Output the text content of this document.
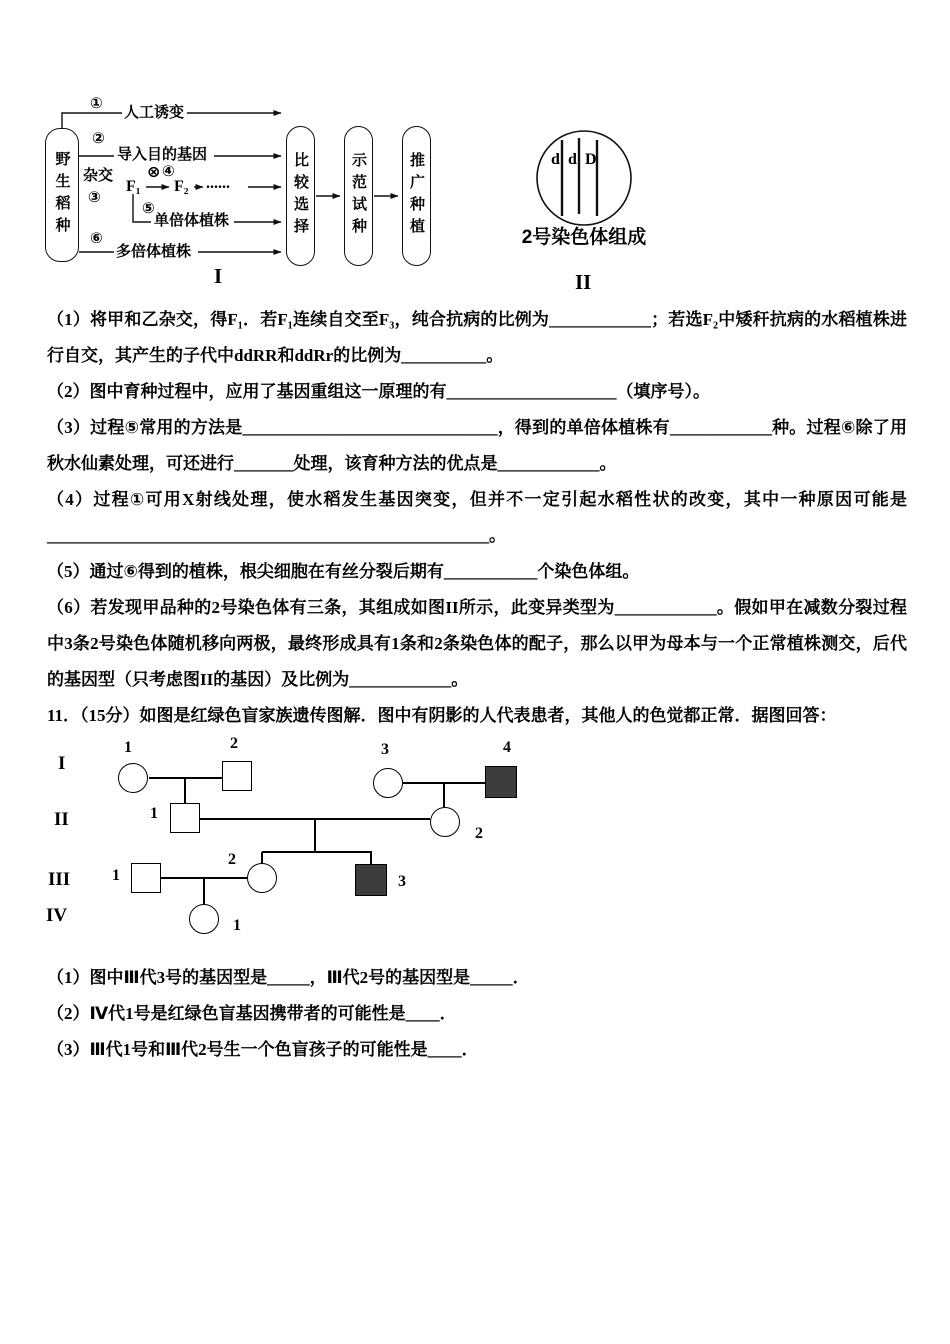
野生稻种	比较选择	示范试种	推广种植
①
人工诱变
②
导入目的基因
杂交
③
F₁
⊗ ④
F₂ ......
⑤
单倍体植株
⑥
多倍体植株
I
d d D
2号染色体组成
II

（1）将甲和乙杂交，得F₁．若F₁连续自交至F₃，纯合抗病的比例为____________；若选F₂中矮秆抗病的水稻植株进行自交，其产生的子代中ddRR和ddRr的比例为__________。

（2）图中育种过程中，应用了基因重组这一原理的有____________________（填序号）。

（3）过程⑤常用的方法是______________________________，得到的单倍体植株有____________种。过程⑥除了用秋水仙素处理，可还进行_______处理，该育种方法的优点是____________。

（4）过程①可用X射线处理，使水稻发生基因突变，但并不一定引起水稻性状的改变，其中一种原因可能是____________________________________________________。

（5）通过⑥得到的植株，根尖细胞在有丝分裂后期有___________个染色体组。

（6）若发现甲品种的2号染色体有三条，其组成如图II所示，此变异类型为____________。假如甲在减数分裂过程中3条2号染色体随机移向两极，最终形成具有1条和2条染色体的配子，那么以甲为母本与一个正常植株测交，后代的基因型（只考虑图II的基因）及比例为____________。

11．（15分）如图是红绿色盲家族遗传图解．图中有阴影的人代表患者，其他人的色觉都正常．据图回答：

I
II
III
IV
1	2	3	4
1
2
1
2
3
1

（1）图中Ⅲ代3号的基因型是_____，Ⅲ代2号的基因型是_____．

（2）Ⅳ代1号是红绿色盲基因携带者的可能性是____．

（3）Ⅲ代1号和Ⅲ代2号生一个色盲孩子的可能性是____．
